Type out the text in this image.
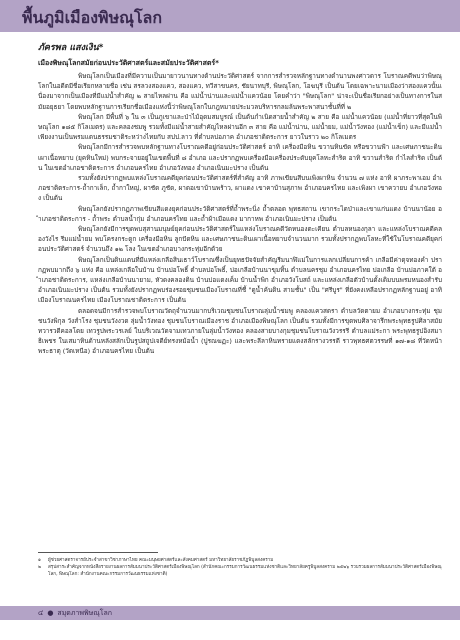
พื้นภูมิเมืองพิษณุโลก
ภัครพล แสงเงิน*
เมืองพิษณุโลกสมัยก่อนประวัติศาสตร์และสมัยประวัติศาสตร์*

พิษณุโลกเป็นเมืองที่มีความเป็นมายาวนานทางด้านประวัติศาสตร์ จากการสำรวจหลักฐานทางตำนานพงศาวดาร โบราณคดีพบว่าพิษณุโลกในอดีตมีชื่อเรียกหลายชื่อ เช่น สรลวงสองแคว, สองแคว, ทวีสาขนคร, ชัยนาทบุรี, พิษณุโลก, โอฆบุรี เป็นต้น โดยเฉพาะนามเมืองว่าสองแควนั้นเนื่องมาจากเป็นเมืองที่มีแม่น้ำสำคัญ ๒ สายไหลผ่าน คือ แม่น้ำน่านและแม่น้ำแควน้อย โดยคำว่า "พิษณุโลก" น่าจะเป็นชื่อเรียกอย่างเป็นทางการในสมัยอยุธยา โดยพบหลักฐานการเรียกชื่อเมืองแห่งนี้ว่าพิษณุโลกในกฎหมายประมวลบริหารกลมล้นพระพาสนาชั้นที่ที่ ๒

พิษณุโลก มีพื้นที่ ๖ ใน ๓ เป็นภูเขาและป่าไม้อุดมสมบูรณ์ เป็นต้นกำเนิดสายน้ำสำคัญ ๒ สาย คือ แม่น้ำแควน้อย (แม่น้ำที่ยาวที่สุดในพิษณุโลก ๑๘๕ กิโลเมตร) และคลองชมพู รวมทั้งมีแม่น้ำสายสำคัญไหลผ่านอีก ๓ สาย คือ แม่น้ำน่าน, แม่น้ำยม, แม่น้ำวังทอง (แม่น้ำเข็ก) และมีแม่น้ำเพียงงานเป็นพรมแดนธรรมชาติระหว่างไทยกับ สปป.ลาว ที่ตำบลบ่อภาค อำเภอชาติตระการ ยาวในราว ๒๐ กิโลเมตร

พิษณุโลกมีการสำรวจพบหลักฐานทางโบราณคดีอยู่ก่อนประวัติศาสตร์ อาทิ เครื่องมือหิน ขวานหินขัด หรือขวานฟ้า และเศษภาชนะดินเผาเนื้อหยาบ (ยุคหินใหม่) พบกระจายอยู่ในเขตพื้นที่ ๘ อำเภอ และปรากฏพบเครื่องมือเครื่องประดับยุคโลหะสำริด อาทิ ขวานสำริด กำไลสำริด เป็นต้น ในเขตอำเภอชาติตระการ อำเภอนครไทย อำเภอวังทอง อำเภอเนินมะปราง เป็นต้น

รวมทั้งยังปรากฏพบแหล่งโบราณคดียุคก่อนประวัติศาสตร์ที่สำคัญ อาทิ ภาพเขียนสีบนเพิงผาหิน จำนวน ๗ แห่ง อาทิ ผาภระพาเอม อำเภอชาติตระการ-ถ้ำกาเล็ก, ถ้ำกาใหญ่, ผาชัด ภูชัด, ผาดอเขาบ้านพร้าว, ผาแดง เขาคาบ้านสุภาพ อำเภอนครไทย และเพิงผา เขาควายบ อำเภอวังทอง เป็นต้น

พิษณุโลกยังปรากฏภาพเขียนสีแดงยุคก่อนประวัติศาสตร์ที่ถ้ำพระนิ่ง ถ้ำตลอด พุทธสถาน เขากระไดป่าและเขาแก่นแดง บ้านนาน้อย อำเภอชาติตระการ - ถ้ำพระ ตำบลน้ำกุ่ม อำเภอนครไทย และถ้ำผ้าเมือแดง มากาหพ อำเภอเนินมะปราง เป็นต้น

พิษณุโลกยังมีการขุดพบสุสานมนุษย์ยุคก่อนประวัติศาสตร์ในแหล่งโบราณคดีวัดหนองตะเคียน ตำบลหนองกุลา และแหล่งโบราณคดีคลองวังไร รีมแม่น้ำยม พบโครงกระดูก เครื่องมือหิน ลูกปัดหิน และเศษภาชนะดินเผาเนื้อหยาบจำนวนมาก รวมทั้งปรากฏพบโลหะที่ใช้ในโบราณคดียุคก่อนประวัติศาสตร์ จำนวนถึง ๑๒ โลง ในเขตอำเภอบางกระทุ่มอีกด้วย

พิษณุโลกเป็นดินแดนที่มีแหล่งเกลือสินเธาว์โบราณซึ่งเป็นยุทธปัจจัยสำคัญรีมนาฬิแม่ในการแลกเปลี่ยนการค้า เกลือมีค่าดุจทองคำ ปรากฏพบมากถึง ๖ แห่ง คือ แหล่งเกลือในบ้าน บ้านบ่อโพธิ์ ตำบลบ่อโพธิ์, บ่อเกลือบ้านนาขุมทิ้น ตำบลนครชุม อำเภอนครไทย บ่อเกลือ บ้านบ่อภาคใต้ อำเภอชาติตระการ, แหล่งเกลือบ้านนายาม, หัวดงคลองดิน บ้านบ่อแดงเค็ม บ้านน้ำพิก อำเภอวังโบสถ์ และแหล่งเกลือตัวบ้านดั้งเดิมบนพรมหนองสำรับ อำเภอเนินมะปราง เป็นต้น รวมทั้งยังปรากฏพบร่องรอยชุมชนเมืองโบราณที่ชี้ "ดูน้ำค้นดิน สามชั้น" เป็น "ศรีบูร" ที่ยังคงเหลือปรากฏหลักฐานอยู่ อาทิ เมืองโบราณนครไทย เมืองโบราณชาติตระการ เป็นต้น

ตลอดจนมีการสำรวจพบโบราณวัตถุจำนวนมากบริเวณชุมชนโบราณลุ่มน้ำชมพู คลองแควสดรา ตำบลวัดตายม อำเภอบางกระทุ่ม ชุมชนวังพิกุล วังสำโรง ชุมชนวังงวด ลุ่มน้ำวังทอง ชุมชนโบราณเมืองราช อำเภอเมืองพิษณุโลก เป็นต้น รวมทั้งมีการขุดพบศิลาจารึกพระพุทธรูปศิลาสมัยทวารวดีคอลโดย เทวรูปพระวรเลย์ ในบริเวณวัดจามเทวภายในลุ่มน้ำวังทอง คลองสายบางกุมชุมชนโบราณวังวรรรี ตำบลแม่ระกา พระพุทธรูปอิงสมาธิเพชร ในเสมาหินด้านหลังสลักเป็นรูปสถูปเจดีย์ทรงหม้อน้ำ (ปูรณฆฏะ) และพระลีลาหินทรายแดงสลักรางวรรดี ราวพุทธศตวรรษที่ ๑๗-๑๘ ที่วัดหน้าพระธาตุ (วัดเหนือ) อำเภอนครไทย เป็นต้น

๑	ผู้ช่วยศาสตราจารย์ประจำสาขาวิชาภาษาไทย คณะมนุษยศาสตร์และสังคมศาสตร์ มหาวิทยาลัยราชภัฏพิบูลสงคราม

๒	สรุปสาระสำคัญจากหนังสือรายงานผลการสัมมนาประวัติศาสตร์เมืองพิษณุโลก (สำนักคณะกรรมการวัฒนธรรมแห่งชาติและวิทยาลัยครูพิบูลสงคราม ๒๕๒๖ รวบรวมผลการสัมมนาประวัติศาสตร์เมืองพิษณุโลก, พิษณุโลก: สำนักงานคณะกรรมการวัฒนธรรมแห่งชาติ)

๔ ● สมุดภาพพิษณุโลก
